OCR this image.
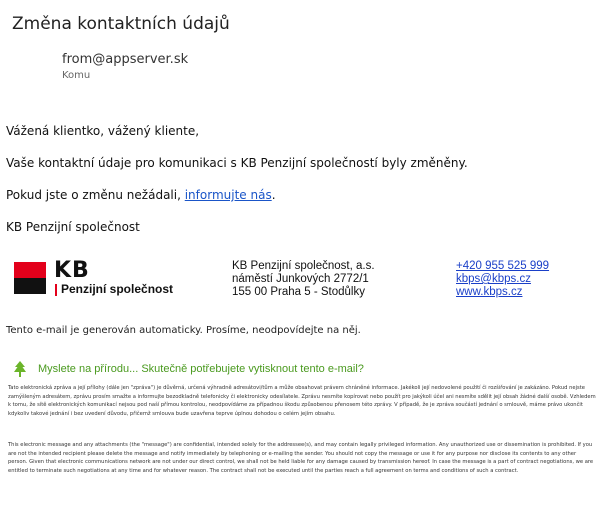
Změna kontaktních údajů
from@appserver.sk
Komu
Vážená klientko, vážený kliente,
Vaše kontaktní údaje pro komunikaci s KB Penzijní společností byly změněny.
Pokud jste o změnu nežádali, informujte nás.
KB Penzijní společnost
KB
Penzijní společnost
KB Penzijní společnost, a.s.
náměstí Junkových 2772/1
155 00 Praha 5 - Stodůlky
+420 955 525 999
kbps@kbps.cz
www.kbps.cz
Tento e-mail je generován automaticky. Prosíme, neodpovídejte na něj.
Myslete na přírodu... Skutečně potřebujete vytisknout tento e-mail?
Tato elektronická zpráva a její přílohy (dále jen "zpráva") je důvěrná, určená výhradně adresátovi/tům a může obsahovat právem chráněné informace. Jakékoli její nedovolené použití či rozšiřování je zakázáno. Pokud nejste zamýšleným adresátem, zprávu prosím smažte a informujte bezodkladně telefonicky či elektronicky odesílatele. Zprávu nesmíte kopírovat nebo použít pro jakýkoli účel ani nesmíte sdělit její obsah žádné další osobě. Vzhledem k tomu, že sítě elektronických komunikací nejsou pod naší přímou kontrolou, neodpovídáme za případnou škodu způsobenou přenosem této zprávy. V případě, že je zpráva součástí jednání o smlouvě, máme právo ukončit kdykoliv takové jednání i bez uvedení důvodu, přičemž smlouva bude uzavřena teprve úplnou dohodou o celém jejím obsahu.
This electronic message and any attachments (the "message") are confidential, intended solely for the addressee(s), and may contain legally privileged information. Any unauthorized use or dissemination is prohibited. If you are not the intended recipient please delete the message and notify immediately by telephoning or e-mailing the sender. You should not copy the message or use it for any purpose nor disclose its contents to any other person. Given that electronic communications network are not under our direct control, we shall not be held liable for any damage caused by transmission hereof. In case the message is a part of contract negotiations, we are entitled to terminate such negotiations at any time and for whatever reason. The contract shall not be executed until the parties reach a full agreement on terms and conditions of such a contract.
